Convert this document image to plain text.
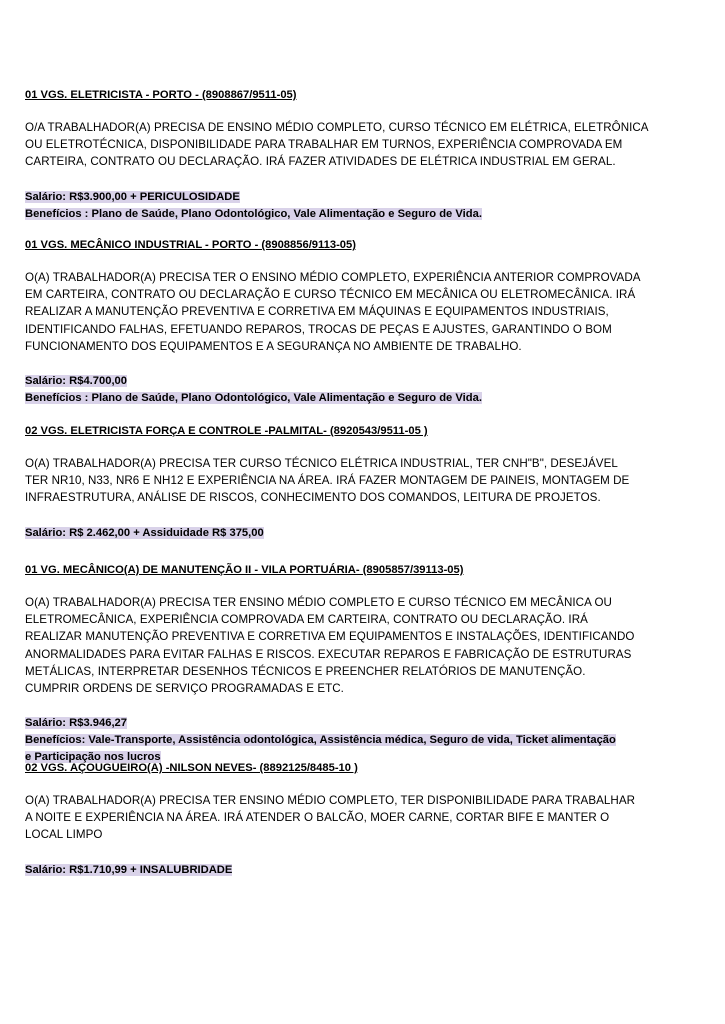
01 VGS. ELETRICISTA - PORTO - (8908867/9511-05)

O/A TRABALHADOR(A) PRECISA DE ENSINO MÉDIO COMPLETO, CURSO TÉCNICO EM ELÉTRICA, ELETRÔNICA
OU ELETROTÉCNICA, DISPONIBILIDADE PARA TRABALHAR EM TURNOS, EXPERIÊNCIA COMPROVADA EM
CARTEIRA, CONTRATO OU DECLARAÇÃO. IRÁ FAZER ATIVIDADES DE ELÉTRICA INDUSTRIAL EM GERAL.

Salário: R$3.900,00 + PERICULOSIDADE
Benefícios : Plano de Saúde, Plano Odontológico, Vale Alimentação e Seguro de Vida.

01 VGS. MECÂNICO INDUSTRIAL - PORTO - (8908856/9113-05)

O(A) TRABALHADOR(A) PRECISA TER O ENSINO MÉDIO COMPLETO, EXPERIÊNCIA ANTERIOR COMPROVADA
EM CARTEIRA, CONTRATO OU DECLARAÇÃO E CURSO TÉCNICO EM MECÂNICA OU ELETROMECÂNICA. IRÁ
REALIZAR A MANUTENÇÃO PREVENTIVA E CORRETIVA EM MÁQUINAS E EQUIPAMENTOS INDUSTRIAIS,
IDENTIFICANDO FALHAS, EFETUANDO REPAROS, TROCAS DE PEÇAS E AJUSTES, GARANTINDO O BOM
FUNCIONAMENTO DOS EQUIPAMENTOS E A SEGURANÇA NO AMBIENTE DE TRABALHO.

Salário: R$4.700,00
Benefícios : Plano de Saúde, Plano Odontológico, Vale Alimentação e Seguro de Vida.

02 VGS. ELETRICISTA FORÇA E CONTROLE -PALMITAL- (8920543/9511-05 )

O(A) TRABALHADOR(A) PRECISA TER CURSO TÉCNICO ELÉTRICA INDUSTRIAL, TER CNH"B", DESEJÁVEL
TER NR10, N33, NR6 E NH12 E EXPERIÊNCIA NA ÁREA. IRÁ FAZER MONTAGEM DE PAINEIS, MONTAGEM DE
INFRAESTRUTURA, ANÁLISE DE RISCOS, CONHECIMENTO DOS COMANDOS, LEITURA DE PROJETOS.

Salário: R$ 2.462,00 + Assiduidade R$ 375,00

01 VG. MECÂNICO(A) DE MANUTENÇÃO II - VILA PORTUÁRIA- (8905857/39113-05)

O(A) TRABALHADOR(A) PRECISA TER ENSINO MÉDIO COMPLETO E CURSO TÉCNICO EM MECÂNICA OU
ELETROMECÂNICA, EXPERIÊNCIA COMPROVADA EM CARTEIRA, CONTRATO OU DECLARAÇÃO. IRÁ
REALIZAR MANUTENÇÃO PREVENTIVA E CORRETIVA EM EQUIPAMENTOS E INSTALAÇÕES, IDENTIFICANDO
ANORMALIDADES PARA EVITAR FALHAS E RISCOS. EXECUTAR REPAROS E FABRICAÇÃO DE ESTRUTURAS
METÁLICAS, INTERPRETAR DESENHOS TÉCNICOS E PREENCHER RELATÓRIOS DE MANUTENÇÃO.
CUMPRIR ORDENS DE SERVIÇO PROGRAMADAS E ETC.

Salário: R$3.946,27
Benefícios: Vale-Transporte, Assistência odontológica, Assistência médica, Seguro de vida, Ticket alimentação
e Participação nos lucros

02 VGS. AÇOUGUEIRO(A) -NILSON NEVES- (8892125/8485-10 )

O(A) TRABALHADOR(A) PRECISA TER ENSINO MÉDIO COMPLETO, TER DISPONIBILIDADE PARA TRABALHAR
A NOITE E EXPERIÊNCIA NA ÁREA. IRÁ ATENDER O BALCÃO, MOER CARNE, CORTAR BIFE E MANTER O
LOCAL LIMPO

Salário: R$1.710,99 + INSALUBRIDADE
